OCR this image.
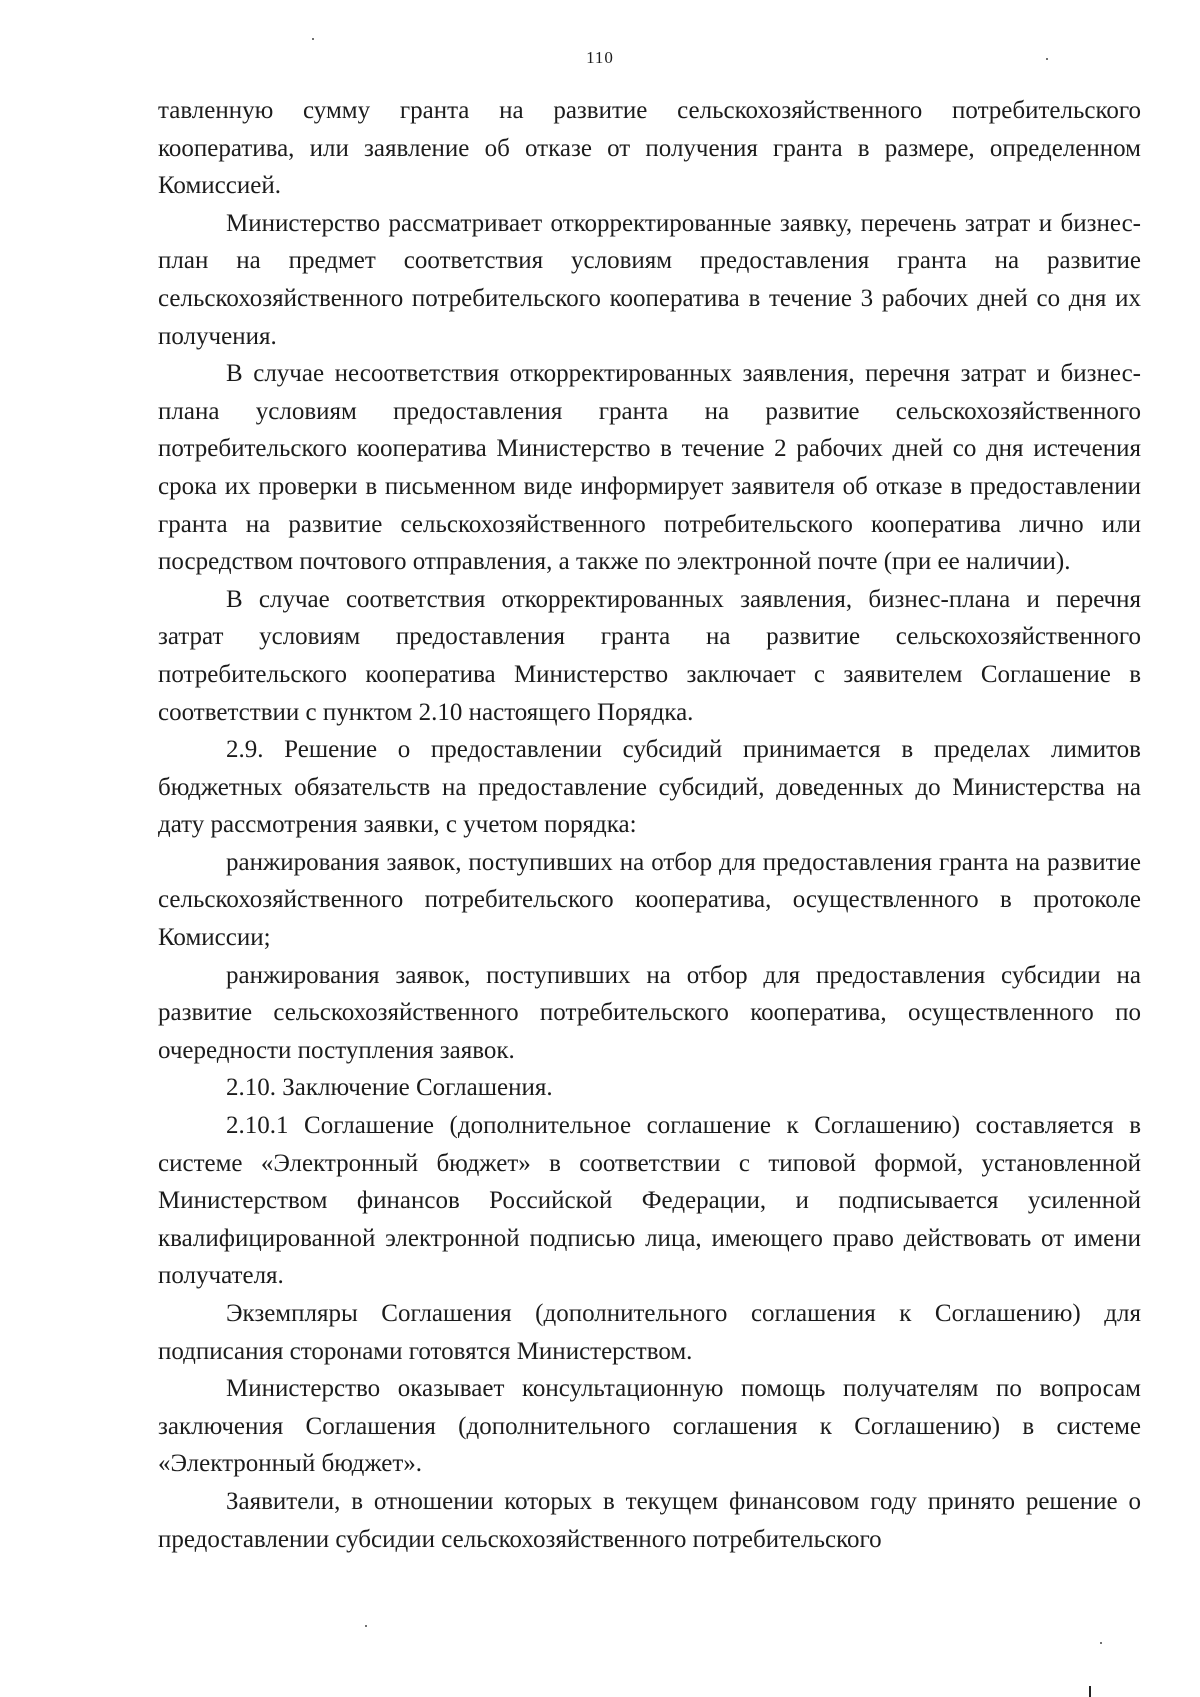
110

тавленную сумму гранта на развитие сельскохозяйственного потребительского кооператива, или заявление об отказе от получения гранта в размере, определенном Комиссией.

Министерство рассматривает откорректированные заявку, перечень затрат и бизнес-план на предмет соответствия условиям предоставления гранта на развитие сельскохозяйственного потребительского кооператива в течение 3 рабочих дней со дня их получения.

В случае несоответствия откорректированных заявления, перечня затрат и бизнес-плана условиям предоставления гранта на развитие сельскохозяйственного потребительского кооператива Министерство в течение 2 рабочих дней со дня истечения срока их проверки в письменном виде информирует заявителя об отказе в предоставлении гранта на развитие сельскохозяйственного потребительского кооператива лично или посредством почтового отправления, а также по электронной почте (при ее наличии).

В случае соответствия откорректированных заявления, бизнес-плана и перечня затрат условиям предоставления гранта на развитие сельскохозяйственного потребительского кооператива Министерство заключает с заявителем Соглашение в соответствии с пунктом 2.10 настоящего Порядка.

2.9. Решение о предоставлении субсидий принимается в пределах лимитов бюджетных обязательств на предоставление субсидий, доведенных до Министерства на дату рассмотрения заявки, с учетом порядка:

ранжирования заявок, поступивших на отбор для предоставления гранта на развитие сельскохозяйственного потребительского кооператива, осуществленного в протоколе Комиссии;

ранжирования заявок, поступивших на отбор для предоставления субсидии на развитие сельскохозяйственного потребительского кооператива, осуществленного по очередности поступления заявок.

2.10. Заключение Соглашения.

2.10.1 Соглашение (дополнительное соглашение к Соглашению) составляется в системе «Электронный бюджет» в соответствии с типовой формой, установленной Министерством финансов Российской Федерации, и подписывается усиленной квалифицированной электронной подписью лица, имеющего право действовать от имени получателя.

Экземпляры Соглашения (дополнительного соглашения к Соглашению) для подписания сторонами готовятся Министерством.

Министерство оказывает консультационную помощь получателям по вопросам заключения Соглашения (дополнительного соглашения к Соглашению) в системе «Электронный бюджет».

Заявители, в отношении которых в текущем финансовом году принято решение о предоставлении субсидии сельскохозяйственного потребительского
